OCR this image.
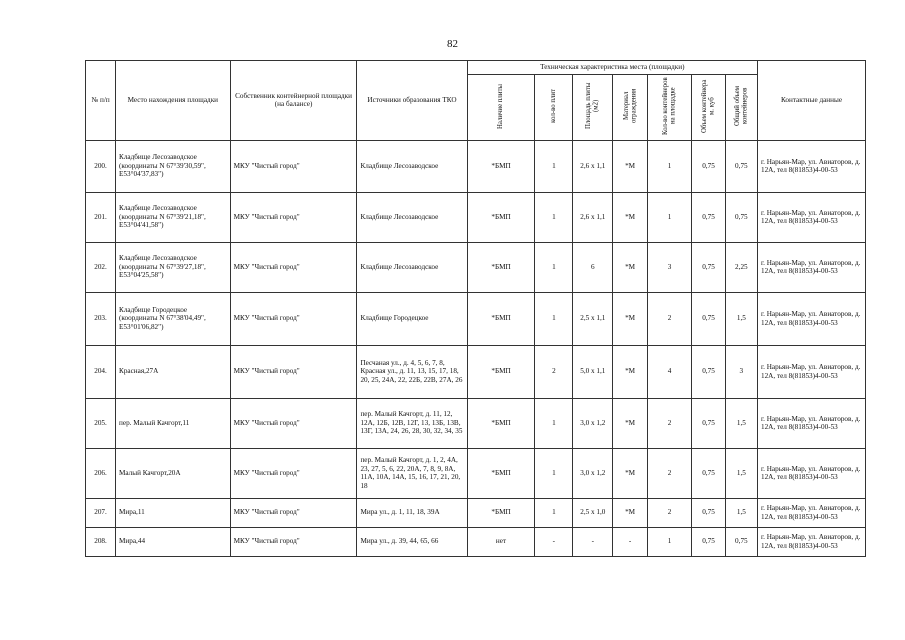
82
№ п/п	Место нахождения площадки	Собственник контейнерной площадки (на балансе)	Источники образования ТКО	Техническая характеристика места (площадки)							Контактные данные
				Наличие плиты	кол-во плит	Площадь плиты (м2)	Материал ограждения	Кол-во контейнеров на площадке	Объем контейнера м. куб	Общий объем контейнеров	
200.	Кладбище Лесозаводское (координаты N 67°39'30,59", E53°04'37,83")	МКУ "Чистый город"	Кладбище Лесозаводское	*БМП	1	2,6 x 1,1	*М	1	0,75	0,75	г. Нарьян-Мар, ул. Авиаторов, д. 12А, тел 8(81853)4-00-53
201.	Кладбище Лесозаводское (координаты N 67°39'21,18", E53°04'41,58")	МКУ "Чистый город"	Кладбище Лесозаводское	*БМП	1	2,6 x 1,1	*М	1	0,75	0,75	г. Нарьян-Мар, ул. Авиаторов, д. 12А, тел 8(81853)4-00-53
202.	Кладбище Лесозаводское (координаты N 67°39'27,18", E53°04'25,58")	МКУ "Чистый город"	Кладбище Лесозаводское	*БМП	1	6	*М	3	0,75	2,25	г. Нарьян-Мар, ул. Авиаторов, д. 12А, тел 8(81853)4-00-53
203.	Кладбище Городецкое (координаты N 67°38'04,49", E53°01'06,82")	МКУ "Чистый город"	Кладбище Городецкое	*БМП	1	2,5 x 1,1	*М	2	0,75	1,5	г. Нарьян-Мар, ул. Авиаторов, д. 12А, тел 8(81853)4-00-53
204.	Красная,27А	МКУ "Чистый город"	Песчаная ул., д. 4, 5, 6, 7, 8, Красная ул., д. 11, 13, 15, 17, 18, 20, 25, 24А, 22, 22Б, 22В, 27А, 26	*БМП	2	5,0 x 1,1	*М	4	0,75	3	г. Нарьян-Мар, ул. Авиаторов, д. 12А, тел 8(81853)4-00-53
205.	пер. Малый Качгорт,11	МКУ "Чистый город"	пер. Малый Качгорт, д. 11, 12, 12А, 12Б, 12В, 12Г, 13, 13Б, 13В, 13Г, 13А, 24, 26, 28, 30, 32, 34, 35	*БМП	1	3,0 x 1,2	*М	2	0,75	1,5	г. Нарьян-Мар, ул. Авиаторов, д. 12А, тел 8(81853)4-00-53
206.	Малый Качгорт,20А	МКУ "Чистый город"	пер. Малый Качгорт, д. 1, 2, 4А, 23, 27, 5, 6, 22, 20А, 7, 8, 9, 8А, 11А, 10А, 14А, 15, 16, 17, 21, 20, 18	*БМП	1	3,0 x 1,2	*М	2	0,75	1,5	г. Нарьян-Мар, ул. Авиаторов, д. 12А, тел 8(81853)4-00-53
207.	Мира,11	МКУ "Чистый город"	Мира ул., д. 1, 11, 18, 39А	*БМП	1	2,5 x 1,0	*М	2	0,75	1,5	г. Нарьян-Мар, ул. Авиаторов, д. 12А, тел 8(81853)4-00-53
208.	Мира,44	МКУ "Чистый город"	Мира ул., д. 39, 44, 65, 66	нет	-	-	-	1	0,75	0,75	г. Нарьян-Мар, ул. Авиаторов, д. 12А, тел 8(81853)4-00-53
